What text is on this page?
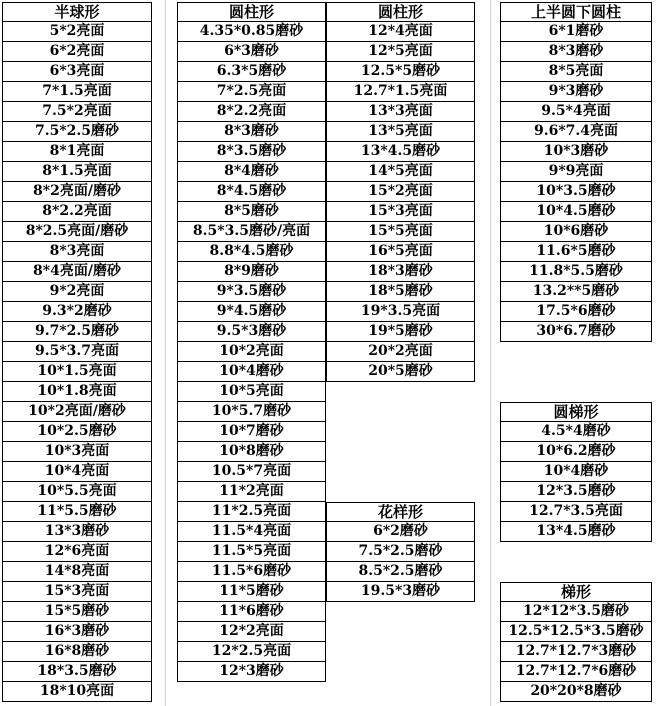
半球形
5*2亮面
6*2亮面
6*3亮面
7*1.5亮面
7.5*2亮面
7.5*2.5磨砂
8*1亮面
8*1.5亮面
8*2亮面/磨砂
8*2.2亮面
8*2.5亮面/磨砂
8*3亮面
8*4亮面/磨砂
9*2亮面
9.3*2磨砂
9.7*2.5磨砂
9.5*3.7亮面
10*1.5亮面
10*1.8亮面
10*2亮面/磨砂
10*2.5磨砂
10*3亮面
10*4亮面
10*5.5亮面
11*5.5磨砂
13*3磨砂
12*6亮面
14*8亮面
15*3亮面
15*5磨砂
16*3磨砂
16*8磨砂
18*3.5磨砂
18*10亮面
圆柱形
4.35*0.85磨砂
6*3磨砂
6.3*5磨砂
7*2.5亮面
8*2.2亮面
8*3磨砂
8*3.5磨砂
8*4磨砂
8*4.5磨砂
8*5磨砂
8.5*3.5磨砂/亮面
8.8*4.5磨砂
8*9磨砂
9*3.5磨砂
9*4.5磨砂
9.5*3磨砂
10*2亮面
10*4磨砂
10*5亮面
10*5.7磨砂
10*7磨砂
10*8磨砂
10.5*7亮面
11*2亮面
11*2.5亮面
11.5*4亮面
11.5*5亮面
11.5*6磨砂
11*5磨砂
11*6磨砂
12*2亮面
12*2.5亮面
12*3磨砂
圆柱形
12*4亮面
12*5亮面
12.5*5磨砂
12.7*1.5亮面
13*3亮面
13*5亮面
13*4.5磨砂
14*5亮面
15*2亮面
15*3亮面
15*5亮面
16*5亮面
18*3磨砂
18*5磨砂
19*3.5亮面
19*5磨砂
20*2亮面
20*5磨砂
花样形
6*2磨砂
7.5*2.5磨砂
8.5*2.5磨砂
19.5*3磨砂
上半圆下圆柱
6*1磨砂
8*3磨砂
8*5亮面
9*3磨砂
9.5*4亮面
9.6*7.4亮面
10*3磨砂
9*9亮面
10*3.5磨砂
10*4.5磨砂
10*6磨砂
11.6*5磨砂
11.8*5.5磨砂
13.2**5磨砂
17.5*6磨砂
30*6.7磨砂
圆梯形
4.5*4磨砂
10*6.2磨砂
10*4磨砂
12*3.5磨砂
12.7*3.5亮面
13*4.5磨砂
梯形
12*12*3.5磨砂
12.5*12.5*3.5磨砂
12.7*12.7*3磨砂
12.7*12.7*6磨砂
20*20*8磨砂
